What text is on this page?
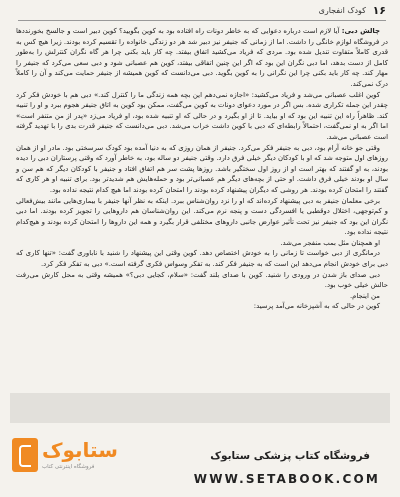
۱۶
کودک انفجاری

چالش دبی: آیا لازم است درباره دعوایی که به خاطر دونات راه افتاده بود به کوین بگویید؟ کوین دبیر است و جالسخ بخورنددها در فروشگاه لوازم خانگی را داشت. اما از زمانی که جنیفر نیز دبیر شد هر دو زندگی خانواده را تقسیم کرده بودند. زیرا هیچ کس به قدری کاملاً متفاوت تندیل شده بود. مردی که فریاد می‌کشید اتفاق بیفتد. چه کار باید بکنی چرا هر گاه نگران کنترلش را به‌طور کامل از دست بدهد، اما دبی نگران این بود که اگر این چنین اتفاقی بیفتد، کوین هم عصبانی شود و دبی سعی می‌کرد که جنیفر را مهار کند. چه کار باید بکنی چرا این نگرانی را به کوین بگوید. دبی می‌دانست که کوین همیشه از جنیفر حمایت می‌کند و آن را کاملاً درک نمی‌کند.

کوین اغلب عصبانی می‌شد و فریاد می‌کشید: «اجازه نمی‌دهم این بچه همه زندگی ما را کنترل کند.» دبی هم با خودش فکر کرد چقدر این جمله تکراری شده. بس اگر در مورد دعوای دونات به کوین می‌گفت، ممکن بود کوین به اتاق جنیفر هجوم ببرد و او را تنبیه کند. ظاهراً راه این تنبیه این بود که او بیاید. تا از او بگیرد و در حالی که او تنبیه شده بود، او فریاد می‌زد «پدر از من متنفر است» اما اگر به او نمی‌گفت، احتمالاً رابطه‌ای که دبی با کوین داشت خراب می‌شد. دبی می‌دانست که جنیفر قدرت بدی را با تهدید گرفته است عصبانی می‌شد.

وقتی جو خانه آرام بود، دبی به جنیفر فکر می‌کرد. جنیفر از همان روزی که به دنیا آمده بود کودک سرسختی بود. مادر او از همان روزهای اول متوجه شد که او با کودکان دیگر خیلی فرق دارد. وقتی جنیفر دو ساله بود، به خاطر آورد که وقتی پرستاران دبی را دیده بودند، به او گفتند که بهتر است او از روز اول سختگیر باشد. روزها پشت سر هم اتفاق افتاد و جنیفر با کودکان دیگر که هم سن و سال او بودند خیلی فرق داشت. او حتی از بچه‌های دیگر هم عصبانی‌تر بود و حمله‌هایش هم شدیدتر بود. برای تنبیه او هر کاری که گفتند را امتحان کرده بودند. هر روشی که دیگران پیشنهاد کرده بودند را امتحان کرده بودند اما هیچ کدام نتیجه نداده بود.

برخی معلمان جنیفر به دبی پیشنهاد کرده‌اند که او را نزد روان‌شناس ببرد. اینکه به نظر آنها جنیفر با بیماری‌هایی مانند بیش‌فعالی و کم‌توجهی، اختلال دوقطبی یا افسردگی دست و پنجه نرم می‌کند. این روان‌شناسان هم داروهایی را تجویز کرده بودند. اما دبی نگران این بود که جنیفر نیز تحت تأثیر عوارض جانبی داروهای مختلفی قرار بگیرد و همه این دارو‌ها را امتحان کرده بودند و هیچ‌کدام نتیجه نداده بود.

او همچنان مثل بمب منفجر می‌شد.

درمانگری از دبی خواست تا زمانی را به خودش اختصاص دهد. کوین وقتی این پیشنهاد را شنید با ناباوری گفت: «تنها کاری که دبی برای خودش انجام می‌دهد این است که به جنیفر فکر کند. به تفکر وسواس فکری گرفته است.» دبی به تفکر فکر کرد.

دبی صدای باز شدن در ورودی را شنید. کوین با صدای بلند گفت: «سلام، کجایی دبی؟» همیشه وقتی به محل کارش می‌رفت حالش خیلی خوب بود.

من اینجام.

کوین در حالی که به آشپزخانه می‌آمد پرسید:

ستابوک
فروشگاه اینترنتی کتاب
فروشگاه کتاب پزشکی ستابوک
WWW.SETABOOK.COM
